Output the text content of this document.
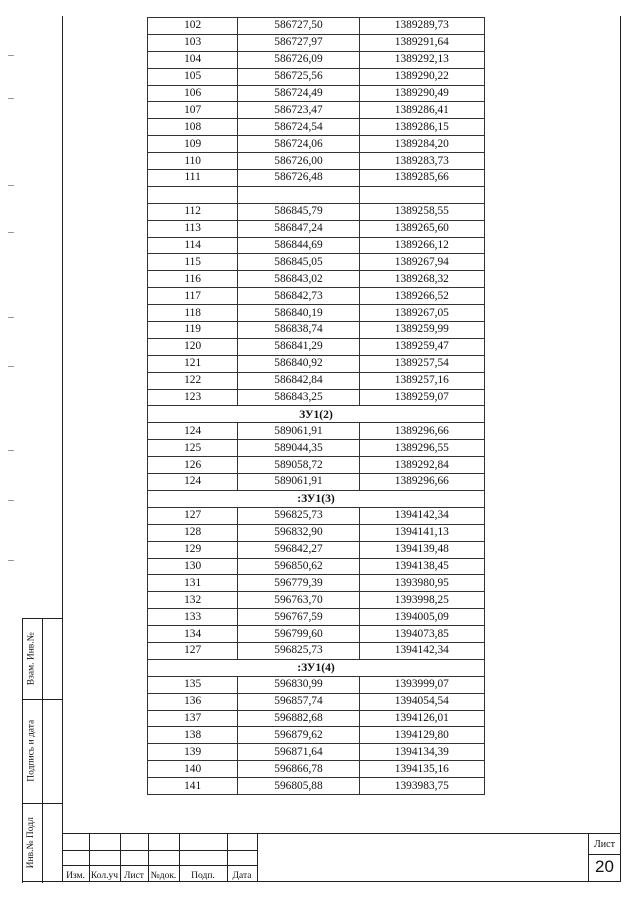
Взам. Инв.№
Подпись и дата
Инв.№ Подл
102	586727,50	1389289,73
103	586727,97	1389291,64
104	586726,09	1389292,13
105	586725,56	1389290,22
106	586724,49	1389290,49
107	586723,47	1389286,41
108	586724,54	1389286,15
109	586724,06	1389284,20
110	586726,00	1389283,73
111	586726,48	1389285,66

112	586845,79	1389258,55
113	586847,24	1389265,60
114	586844,69	1389266,12
115	586845,05	1389267,94
116	586843,02	1389268,32
117	586842,73	1389266,52
118	586840,19	1389267,05
119	586838,74	1389259,99
120	586841,29	1389259,47
121	586840,92	1389257,54
122	586842,84	1389257,16
123	586843,25	1389259,07
ЗУ1(2)		
124	589061,91	1389296,66
125	589044,35	1389296,55
126	589058,72	1389292,84
124	589061,91	1389296,66
:ЗУ1(3)		
127	596825,73	1394142,34
128	596832,90	1394141,13
129	596842,27	1394139,48
130	596850,62	1394138,45
131	596779,39	1393980,95
132	596763,70	1393998,25
133	596767,59	1394005,09
134	596799,60	1394073,85
127	596825,73	1394142,34
:ЗУ1(4)		
135	596830,99	1393999,07
136	596857,74	1394054,54
137	596882,68	1394126,01
138	596879,62	1394129,80
139	596871,64	1394134,39
140	596866,78	1394135,16
141	596805,88	1393983,75
Изм. Кол.уч Лист №док.	Подп.	Дата
Лист
20
